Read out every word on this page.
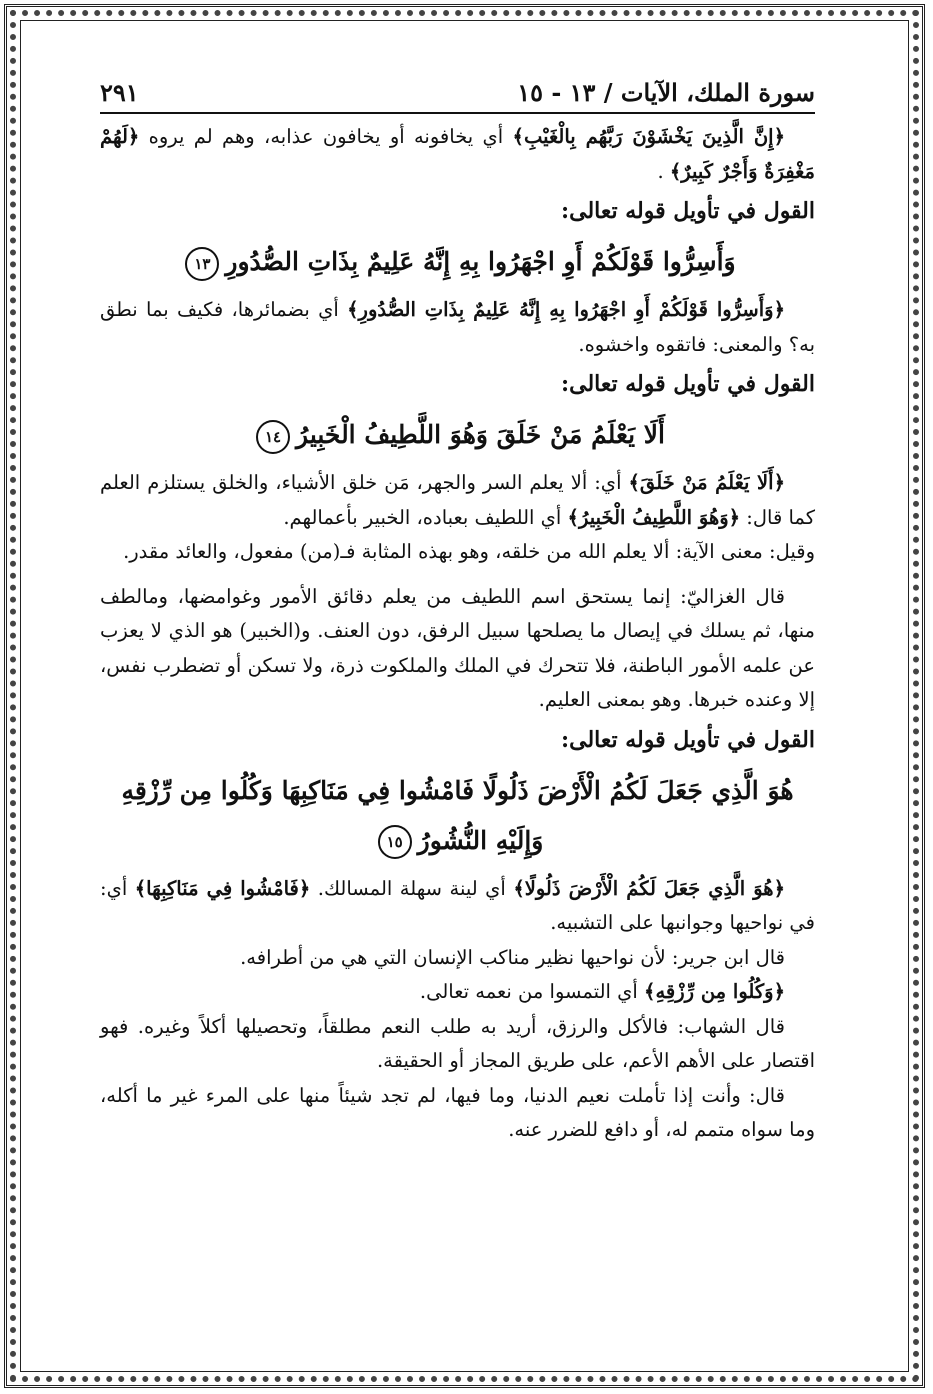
سورة الملك، الآيات / ١٣ - ١٥
٢٩١

﴿إِنَّ الَّذِينَ يَخْشَوْنَ رَبَّهُم بِالْغَيْبِ﴾ أي يخافونه أو يخافون عذابه، وهم لم يروه ﴿لَهُمْ مَغْفِرَةٌ وَأَجْرٌ كَبِيرٌ﴾ .

القول في تأويل قوله تعالى:

وَأَسِرُّوا قَوْلَكُمْ أَوِ اجْهَرُوا بِهِ إِنَّهُ عَلِيمٌ بِذَاتِ الصُّدُورِ١٣

﴿وَأَسِرُّوا قَوْلَكُمْ أَوِ اجْهَرُوا بِهِ إِنَّهُ عَلِيمٌ بِذَاتِ الصُّدُورِ﴾ أي بضمائرها، فكيف بما نطق به؟ والمعنى: فاتقوه واخشوه.

القول في تأويل قوله تعالى:

أَلَا يَعْلَمُ مَنْ خَلَقَ وَهُوَ اللَّطِيفُ الْخَبِيرُ١٤

﴿أَلَا يَعْلَمُ مَنْ خَلَقَ﴾ أي: ألا يعلم السر والجهر، مَن خلق الأشياء، والخلق يستلزم العلم كما قال: ﴿وَهُوَ اللَّطِيفُ الْخَبِيرُ﴾ أي اللطيف بعباده، الخبير بأعمالهم.

وقيل: معنى الآية: ألا يعلم الله من خلقه، وهو بهذه المثابة فـ(من) مفعول، والعائد مقدر.

قال الغزاليّ: إنما يستحق اسم اللطيف من يعلم دقائق الأمور وغوامضها، ومالطف منها، ثم يسلك في إيصال ما يصلحها سبيل الرفق، دون العنف. و(الخبير) هو الذي لا يعزب عن علمه الأمور الباطنة، فلا تتحرك في الملك والملكوت ذرة، ولا تسكن أو تضطرب نفس، إلا وعنده خبرها. وهو بمعنى العليم.

القول في تأويل قوله تعالى:

هُوَ الَّذِي جَعَلَ لَكُمُ الْأَرْضَ ذَلُولًا فَامْشُوا فِي مَنَاكِبِهَا وَكُلُوا مِن رِّزْقِهِ وَإِلَيْهِ النُّشُورُ١٥

﴿هُوَ الَّذِي جَعَلَ لَكُمُ الْأَرْضَ ذَلُولًا﴾ أي لينة سهلة المسالك. ﴿فَامْشُوا فِي مَنَاكِبِهَا﴾ أي: في نواحيها وجوانبها على التشبيه.

قال ابن جرير: لأن نواحيها نظير مناكب الإنسان التي هي من أطرافه.

﴿وَكُلُوا مِن رِّزْقِهِ﴾ أي التمسوا من نعمه تعالى.

قال الشهاب: فالأكل والرزق، أريد به طلب النعم مطلقاً، وتحصيلها أكلاً وغيره. فهو اقتصار على الأهم الأعم، على طريق المجاز أو الحقيقة.

قال: وأنت إذا تأملت نعيم الدنيا، وما فيها، لم تجد شيئاً منها على المرء غير ما أكله، وما سواه متمم له، أو دافع للضرر عنه.
